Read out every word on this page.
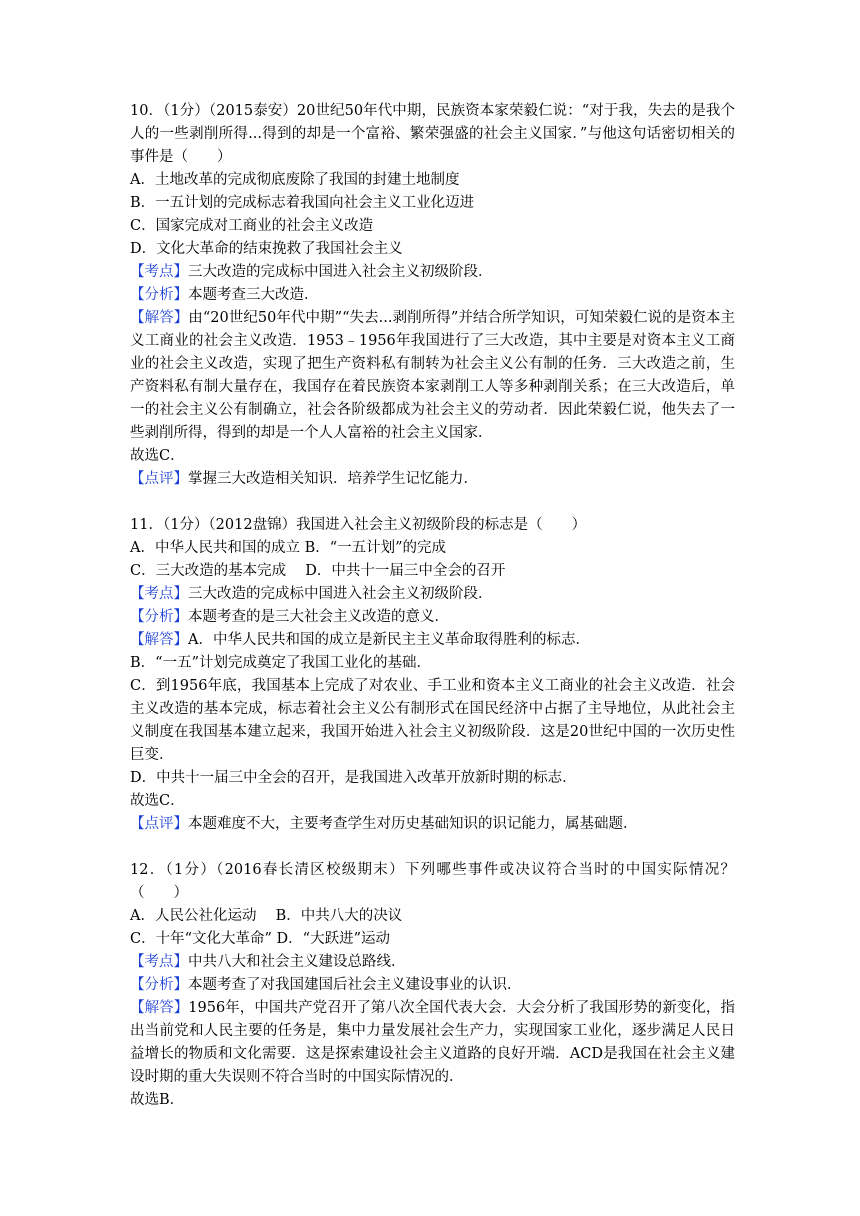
10．（1分）（2015泰安）20世纪50年代中期，民族资本家荣毅仁说：“对于我，失去的是我个人的一些剥削所得...得到的却是一个富裕、繁荣强盛的社会主义国家．”与他这句话密切相关的事件是（　　）
A．土地改革的完成彻底废除了我国的封建土地制度
B．一五计划的完成标志着我国向社会主义工业化迈进
C．国家完成对工商业的社会主义改造
D．文化大革命的结束挽救了我国社会主义
【考点】三大改造的完成标中国进入社会主义初级阶段．
【分析】本题考查三大改造．
【解答】由“20世纪50年代中期”“失去...剥削所得”并结合所学知识，可知荣毅仁说的是资本主义工商业的社会主义改造．1953﹣1956年我国进行了三大改造，其中主要是对资本主义工商业的社会主义改造，实现了把生产资料私有制转为社会主义公有制的任务．三大改造之前，生产资料私有制大量存在，我国存在着民族资本家剥削工人等多种剥削关系；在三大改造后，单一的社会主义公有制确立，社会各阶级都成为社会主义的劳动者．因此荣毅仁说，他失去了一些剥削所得，得到的却是一个人人富裕的社会主义国家．
故选C．
【点评】掌握三大改造相关知识．培养学生记忆能力．
11．（1分）（2012盘锦）我国进入社会主义初级阶段的标志是（　　）
A．中华人民共和国的成立 B．“一五计划”的完成
C．三大改造的基本完成　 D．中共十一届三中全会的召开
【考点】三大改造的完成标中国进入社会主义初级阶段．
【分析】本题考查的是三大社会主义改造的意义．
【解答】A．中华人民共和国的成立是新民主主义革命取得胜利的标志．
B．“一五”计划完成奠定了我国工业化的基础．
C．到1956年底，我国基本上完成了对农业、手工业和资本主义工商业的社会主义改造．社会主义改造的基本完成，标志着社会主义公有制形式在国民经济中占据了主导地位，从此社会主义制度在我国基本建立起来，我国开始进入社会主义初级阶段．这是20世纪中国的一次历史性巨变．
D．中共十一届三中全会的召开，是我国进入改革开放新时期的标志．
故选C．
【点评】本题难度不大，主要考查学生对历史基础知识的识记能力，属基础题．
12．（1分）（2016春长清区校级期末）下列哪些事件或决议符合当时的中国实际情况？（　　）
A．人民公社化运动　 B．中共八大的决议
C．十年“文化大革命” D．“大跃进”运动
【考点】中共八大和社会主义建设总路线．
【分析】本题考查了对我国建国后社会主义建设事业的认识．
【解答】1956年，中国共产党召开了第八次全国代表大会．大会分析了我国形势的新变化，指出当前党和人民主要的任务是，集中力量发展社会生产力，实现国家工业化，逐步满足人民日益增长的物质和文化需要．这是探索建设社会主义道路的良好开端．ACD是我国在社会主义建设时期的重大失误则不符合当时的中国实际情况的．
故选B．
